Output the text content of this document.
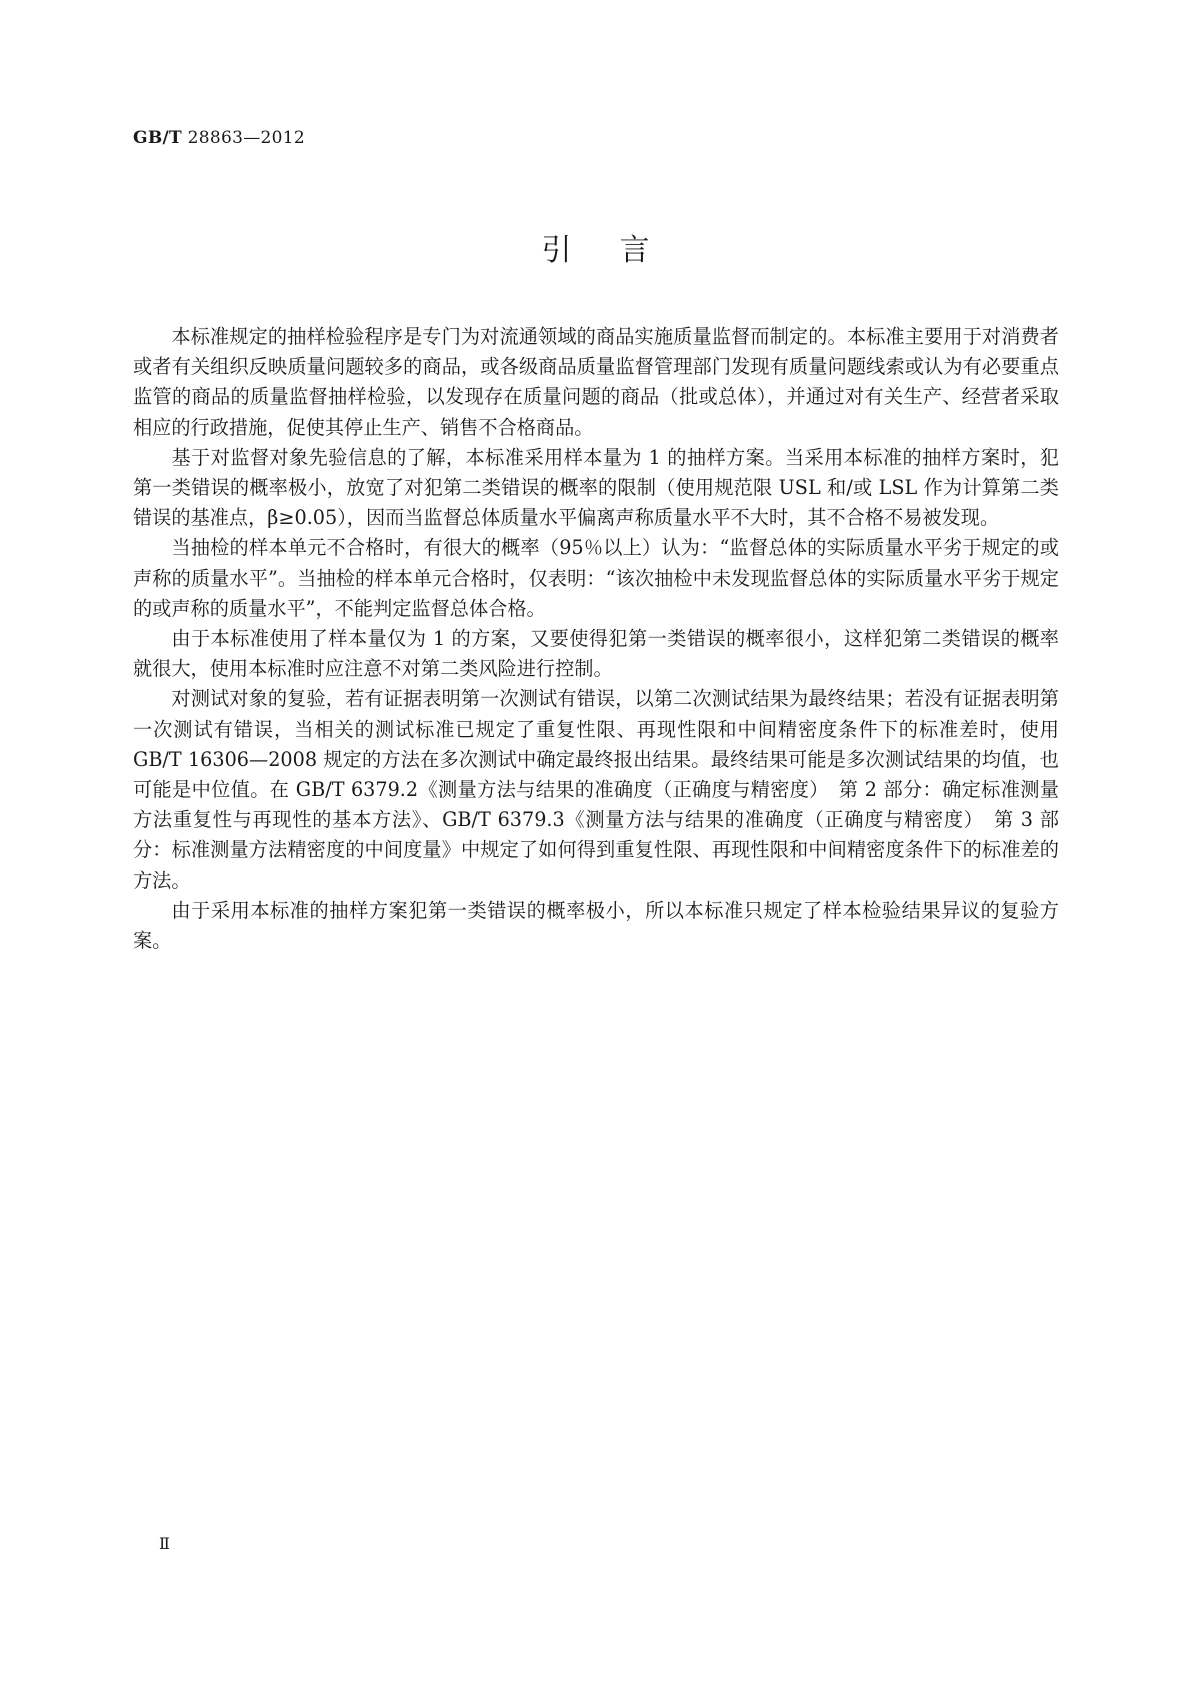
GB/T 28863—2012
引言

本标准规定的抽样检验程序是专门为对流通领域的商品实施质量监督而制定的。本标准主要用于对消费者或者有关组织反映质量问题较多的商品，或各级商品质量监督管理部门发现有质量问题线索或认为有必要重点监管的商品的质量监督抽样检验，以发现存在质量问题的商品（批或总体），并通过对有关生产、经营者采取相应的行政措施，促使其停止生产、销售不合格商品。

基于对监督对象先验信息的了解，本标准采用样本量为 1 的抽样方案。当采用本标准的抽样方案时，犯第一类错误的概率极小，放宽了对犯第二类错误的概率的限制（使用规范限 USL 和/或 LSL 作为计算第二类错误的基准点，β≥0.05），因而当监督总体质量水平偏离声称质量水平不大时，其不合格不易被发现。

当抽检的样本单元不合格时，有很大的概率（95％以上）认为：“监督总体的实际质量水平劣于规定的或声称的质量水平”。当抽检的样本单元合格时，仅表明：“该次抽检中未发现监督总体的实际质量水平劣于规定的或声称的质量水平”，不能判定监督总体合格。

由于本标准使用了样本量仅为 1 的方案，又要使得犯第一类错误的概率很小，这样犯第二类错误的概率就很大，使用本标准时应注意不对第二类风险进行控制。

对测试对象的复验，若有证据表明第一次测试有错误，以第二次测试结果为最终结果；若没有证据表明第一次测试有错误，当相关的测试标准已规定了重复性限、再现性限和中间精密度条件下的标准差时，使用 GB/T 16306—2008 规定的方法在多次测试中确定最终报出结果。最终结果可能是多次测试结果的均值，也可能是中位值。在 GB/T 6379.2《测量方法与结果的准确度（正确度与精密度）　第 2 部分：确定标准测量方法重复性与再现性的基本方法》、GB/T 6379.3《测量方法与结果的准确度（正确度与精密度）　第 3 部分：标准测量方法精密度的中间度量》中规定了如何得到重复性限、再现性限和中间精密度条件下的标准差的方法。

由于采用本标准的抽样方案犯第一类错误的概率极小，所以本标准只规定了样本检验结果异议的复验方案。

Ⅱ
